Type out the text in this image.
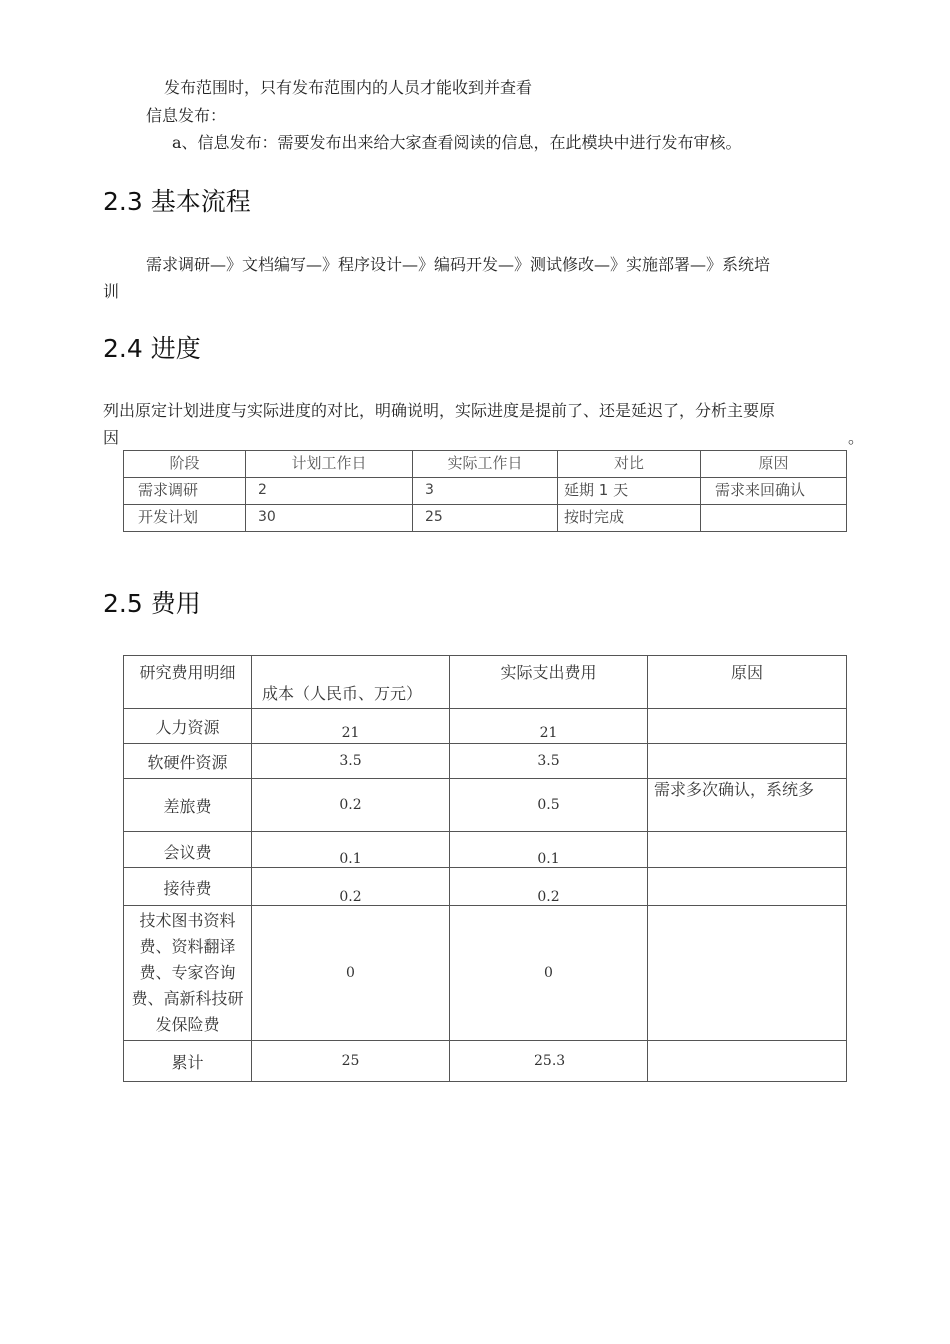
发布范围时，只有发布范围内的人员才能收到并查看
信息发布：
a、信息发布：需要发布出来给大家查看阅读的信息，在此模块中进行发布审核。
2.3 基本流程
需求调研—》文档编写—》程序设计—》编码开发—》测试修改—》实施部署—》系统培
训
2.4 进度
列出原定计划进度与实际进度的对比，明确说明，实际进度是提前了、还是延迟了，分析主要原
因	。
阶段	计划工作日	实际工作日	对比	原因
需求调研	2	3	延期 1 天	需求来回确认
开发计划	30	25	按时完成	
2.5 费用
研究费用明细	成本（人民币、万元）	实际支出费用	原因
人力资源	21	21	
软硬件资源	3.5	3.5	
差旅费	0.2	0.5	需求多次确认，系统多
会议费	0.1	0.1	
接待费	0.2	0.2	
技术图书资料费、资料翻译费、专家咨询费、高新科技研发保险费	0	0	
累计	25	25.3	
